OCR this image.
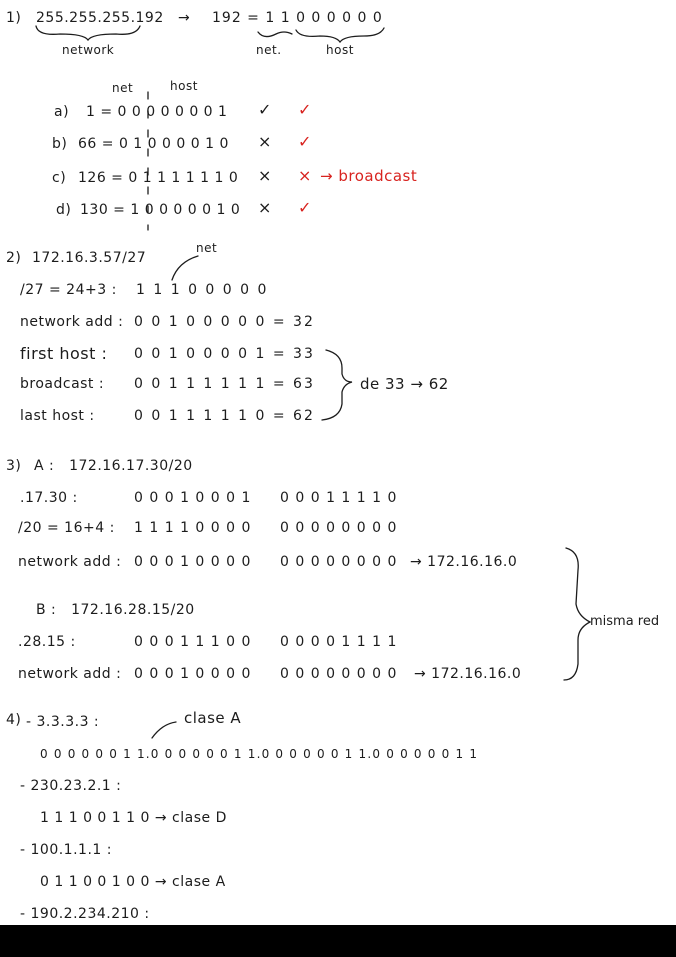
1) 255.255.255.192 → 192 = 1 1 0 0 0 0 0 0
network	net.	host
net	host
a) 1 = 0 0 0 0 0 0 0 1 ✓ ✓
b) 66 = 0 1 0 0 0 0 1 0 × ✓
c) 126 = 0 1 1 1 1 1 1 0 × × → broadcast
d) 130 = 1 0 0 0 0 0 1 0 × ✓
2) 172.16.3.57/27
net
/27 = 24+3 : 1 1 1 0 0 0 0 0
network add : 0 0 1 0 0 0 0 0 = 32
first host : 0 0 1 0 0 0 0 1 = 33
broadcast : 0 0 1 1 1 1 1 1 = 63
last host :	0 0 1 1 1 1 1 0 = 62
de 33 → 62
3) A :   172.16.17.30/20
.17.30 :	0 0 0 1 0 0 0 1 0 0 0 1 1 1 1 0
/20 = 16+4 : 1 1 1 1 0 0 0 0 0 0 0 0 0 0 0 0
network add : 0 0 0 1 0 0 0 0 0 0 0 0 0 0 0 0 → 172.16.16.0
B :   172.16.28.15/20
.28.15 :	0 0 0 1 1 1 0 0 0 0 0 0 1 1 1 1
network add : 0 0 0 1 0 0 0 0 0 0 0 0 0 0 0 0 → 172.16.16.0
misma red
4) - 3.3.3.3 :	clase A
0 0 0 0 0 0 1 1.0 0 0 0 0 0 1 1.0 0 0 0 0 0 1 1.0 0 0 0 0 0 1 1
- 230.23.2.1 :
1 1 1 0 0 1 1 0 → clase D
- 100.1.1.1 :
0 1 1 0 0 1 0 0 → clase A
- 190.2.234.210 :
